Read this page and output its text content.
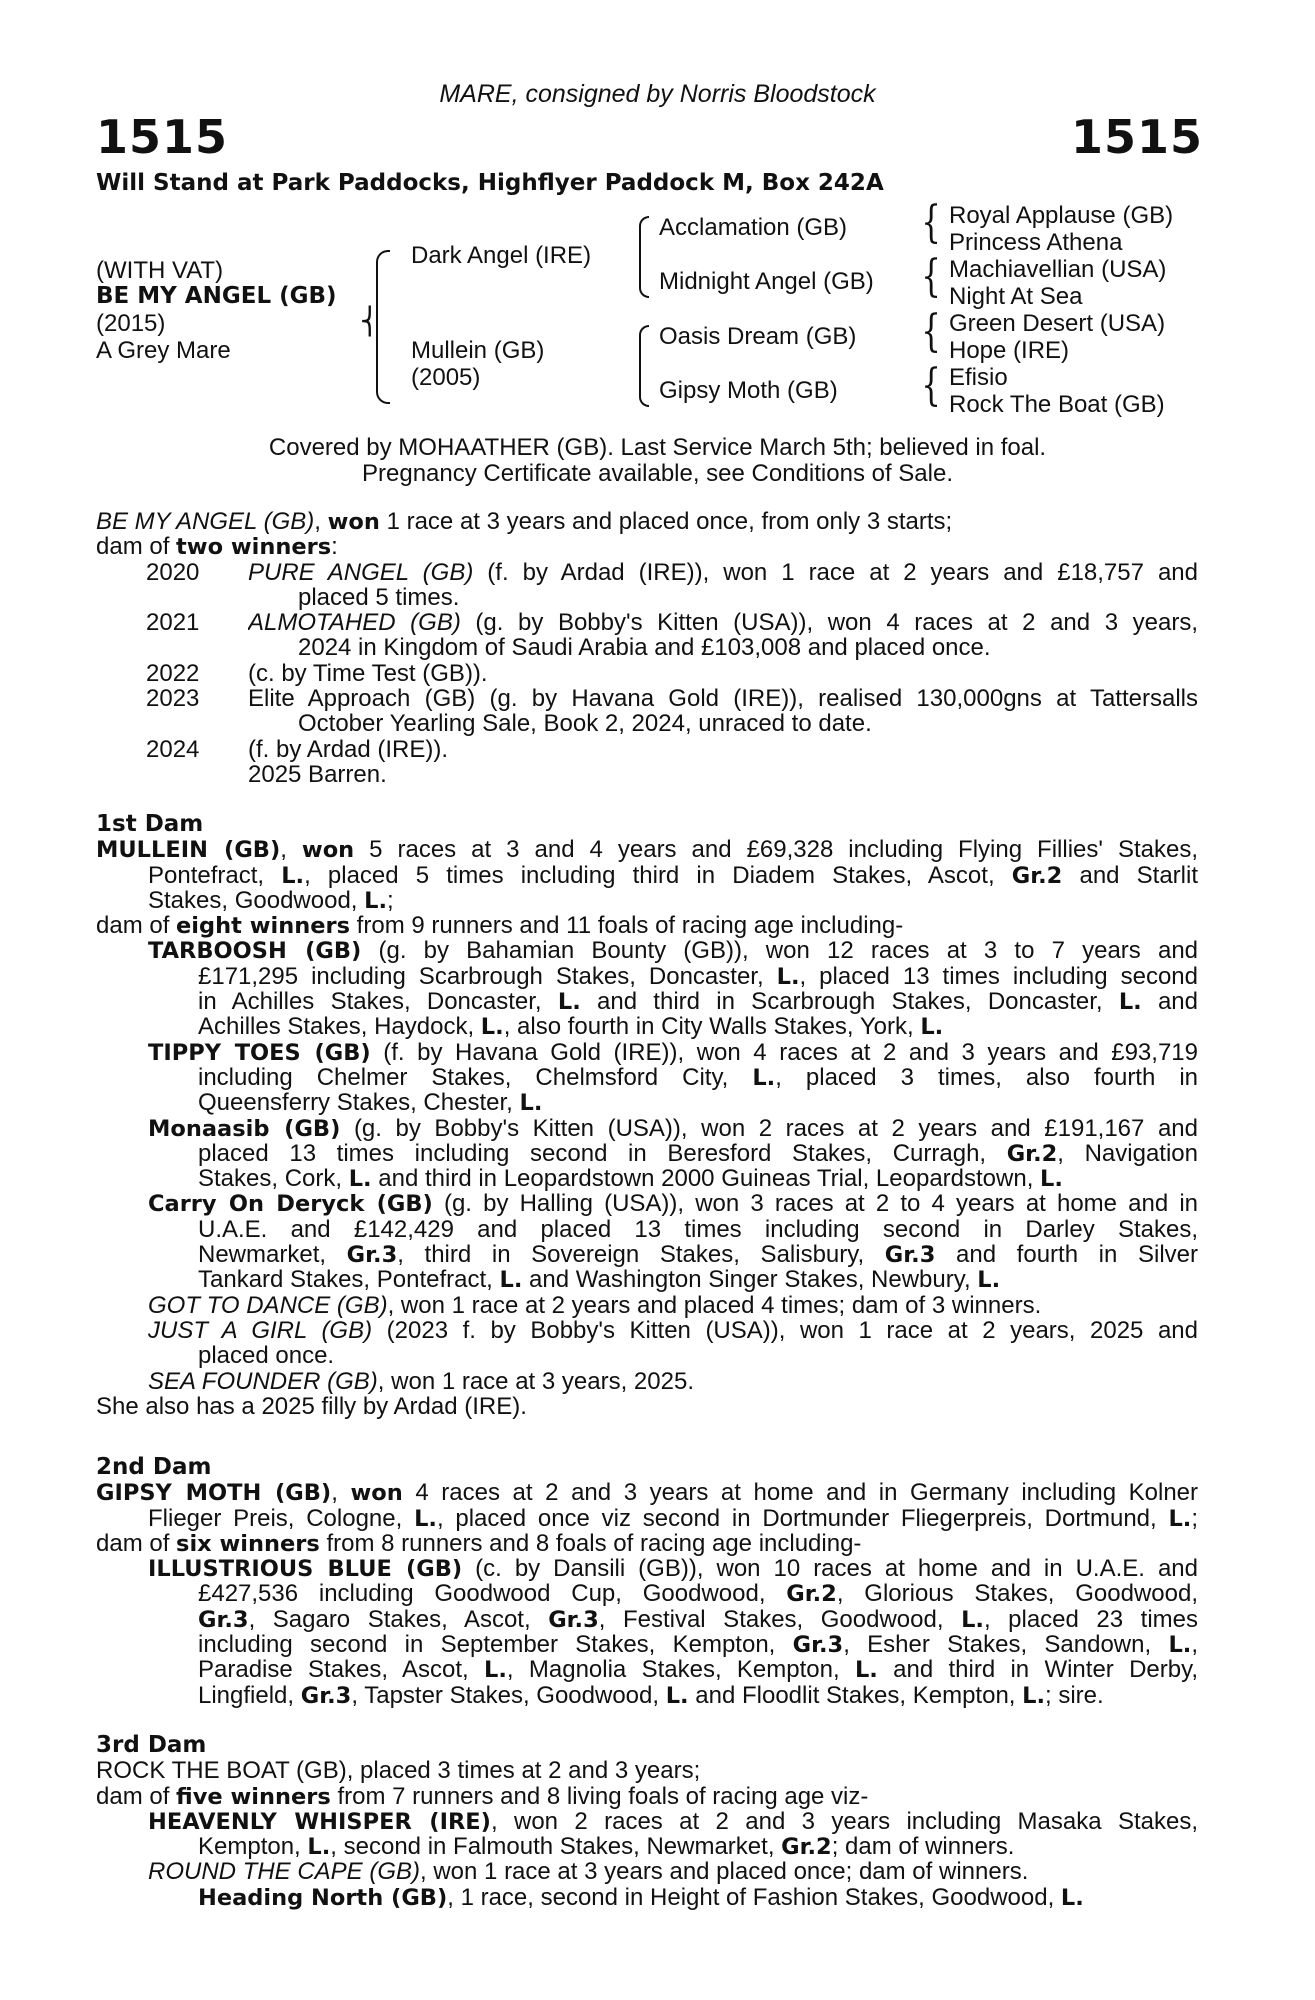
MARE, consigned by Norris Bloodstock
1515	1515
Will Stand at Park Paddocks, Highflyer Paddock M, Box 242A
(WITH VAT)
BE MY ANGEL (GB)
(2015)
A Grey Mare
⎨
Dark Angel (IRE)
Mullein (GB)
(2005)
Acclamation (GB)
Midnight Angel (GB)
Oasis Dream (GB)
Gipsy Moth (GB)
{
{
{
{
Royal Applause (GB)
Princess Athena
Machiavellian (USA)
Night At Sea
Green Desert (USA)
Hope (IRE)
Efisio
Rock The Boat (GB)
Covered by MOHAATHER (GB). Last Service March 5th; believed in foal.
Pregnancy Certificate available, see Conditions of Sale.
BE MY ANGEL (GB), won 1 race at 3 years and placed once, from only 3 starts;
dam of two winners:
2020 PURE ANGEL (GB) (f. by Ardad (IRE)), won 1 race at 2 years and £18,757 and
placed 5 times.
2021 ALMOTAHED (GB) (g. by Bobby's Kitten (USA)), won 4 races at 2 and 3 years,
2024 in Kingdom of Saudi Arabia and £103,008 and placed once.
2022 (c. by Time Test (GB)).
2023 Elite Approach (GB) (g. by Havana Gold (IRE)), realised 130,000gns at Tattersalls
October Yearling Sale, Book 2, 2024, unraced to date.
2024 (f. by Ardad (IRE)).
2025 Barren.
1st Dam
MULLEIN (GB), won 5 races at 3 and 4 years and £69,328 including Flying Fillies' Stakes,
Pontefract, L., placed 5 times including third in Diadem Stakes, Ascot, Gr.2 and Starlit
Stakes, Goodwood, L.;
dam of eight winners from 9 runners and 11 foals of racing age including-
TARBOOSH (GB) (g. by Bahamian Bounty (GB)), won 12 races at 3 to 7 years and
£171,295 including Scarbrough Stakes, Doncaster, L., placed 13 times including second
in Achilles Stakes, Doncaster, L. and third in Scarbrough Stakes, Doncaster, L. and
Achilles Stakes, Haydock, L., also fourth in City Walls Stakes, York, L.
TIPPY TOES (GB) (f. by Havana Gold (IRE)), won 4 races at 2 and 3 years and £93,719
including Chelmer Stakes, Chelmsford City, L., placed 3 times, also fourth in
Queensferry Stakes, Chester, L.
Monaasib (GB) (g. by Bobby's Kitten (USA)), won 2 races at 2 years and £191,167 and
placed 13 times including second in Beresford Stakes, Curragh, Gr.2, Navigation
Stakes, Cork, L. and third in Leopardstown 2000 Guineas Trial, Leopardstown, L.
Carry On Deryck (GB) (g. by Halling (USA)), won 3 races at 2 to 4 years at home and in
U.A.E. and £142,429 and placed 13 times including second in Darley Stakes,
Newmarket, Gr.3, third in Sovereign Stakes, Salisbury, Gr.3 and fourth in Silver
Tankard Stakes, Pontefract, L. and Washington Singer Stakes, Newbury, L.
GOT TO DANCE (GB), won 1 race at 2 years and placed 4 times; dam of 3 winners.
JUST A GIRL (GB) (2023 f. by Bobby's Kitten (USA)), won 1 race at 2 years, 2025 and
placed once.
SEA FOUNDER (GB), won 1 race at 3 years, 2025.
She also has a 2025 filly by Ardad (IRE).
2nd Dam
GIPSY MOTH (GB), won 4 races at 2 and 3 years at home and in Germany including Kolner
Flieger Preis, Cologne, L., placed once viz second in Dortmunder Fliegerpreis, Dortmund, L.;
dam of six winners from 8 runners and 8 foals of racing age including-
ILLUSTRIOUS BLUE (GB) (c. by Dansili (GB)), won 10 races at home and in U.A.E. and
£427,536 including Goodwood Cup, Goodwood, Gr.2, Glorious Stakes, Goodwood,
Gr.3, Sagaro Stakes, Ascot, Gr.3, Festival Stakes, Goodwood, L., placed 23 times
including second in September Stakes, Kempton, Gr.3, Esher Stakes, Sandown, L.,
Paradise Stakes, Ascot, L., Magnolia Stakes, Kempton, L. and third in Winter Derby,
Lingfield, Gr.3, Tapster Stakes, Goodwood, L. and Floodlit Stakes, Kempton, L.; sire.
3rd Dam
ROCK THE BOAT (GB), placed 3 times at 2 and 3 years;
dam of five winners from 7 runners and 8 living foals of racing age viz-
HEAVENLY WHISPER (IRE), won 2 races at 2 and 3 years including Masaka Stakes,
Kempton, L., second in Falmouth Stakes, Newmarket, Gr.2; dam of winners.
ROUND THE CAPE (GB), won 1 race at 3 years and placed once; dam of winners.
Heading North (GB), 1 race, second in Height of Fashion Stakes, Goodwood, L.
